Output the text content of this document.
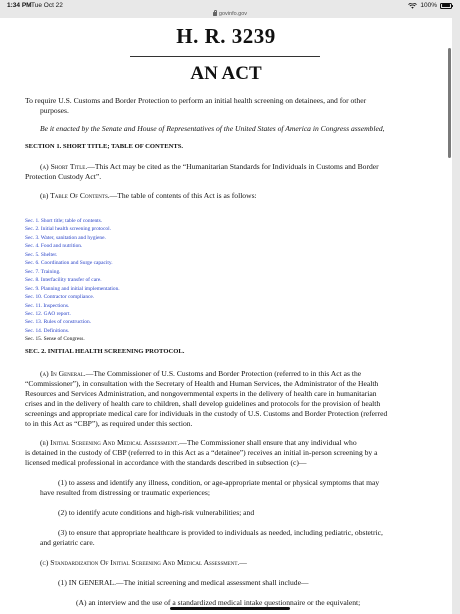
1:34 PM Tue Oct 22	100%
govinfo.gov
H. R. 3239
AN ACT
To require U.S. Customs and Border Protection to perform an initial health screening on detainees, and for other
purposes.
Be it enacted by the Senate and House of Representatives of the United States of America in Congress assembled,
SECTION 1. SHORT TITLE; TABLE OF CONTENTS.
(a) Short Title.—This Act may be cited as the “Humanitarian Standards for Individuals in Customs and Border
Protection Custody Act”.
(b) Table Of Contents.—The table of contents of this Act is as follows:
Sec. 1. Short title; table of contents.
Sec. 2. Initial health screening protocol.
Sec. 3. Water, sanitation and hygiene.
Sec. 4. Food and nutrition.
Sec. 5. Shelter.
Sec. 6. Coordination and Surge capacity.
Sec. 7. Training.
Sec. 8. Interfacility transfer of care.
Sec. 9. Planning and initial implementation.
Sec. 10. Contractor compliance.
Sec. 11. Inspections.
Sec. 12. GAO report.
Sec. 13. Rules of construction.
Sec. 14. Definitions.
Sec. 15. Sense of Congress.
SEC. 2. INITIAL HEALTH SCREENING PROTOCOL.
(a) In General.—The Commissioner of U.S. Customs and Border Protection (referred to in this Act as the
“Commissioner”), in consultation with the Secretary of Health and Human Services, the Administrator of the Health
Resources and Services Administration, and nongovernmental experts in the delivery of health care in humanitarian
crises and in the delivery of health care to children, shall develop guidelines and protocols for the provision of health
screenings and appropriate medical care for individuals in the custody of U.S. Customs and Border Protection (referred
to in this Act as “CBP”), as required under this section.
(b) Initial Screening And Medical Assessment.—The Commissioner shall ensure that any individual who
is detained in the custody of CBP (referred to in this Act as a “detainee”) receives an initial in-person screening by a
licensed medical professional in accordance with the standards described in subsection (c)—
(1) to assess and identify any illness, condition, or age-appropriate mental or physical symptoms that may
have resulted from distressing or traumatic experiences;
(2) to identify acute conditions and high-risk vulnerabilities; and
(3) to ensure that appropriate healthcare is provided to individuals as needed, including pediatric, obstetric,
and geriatric care.
(c) Standardization Of Initial Screening And Medical Assessment.—
(1) IN GENERAL.—The initial screening and medical assessment shall include—
(A) an interview and the use of a standardized medical intake questionnaire or the equivalent;
